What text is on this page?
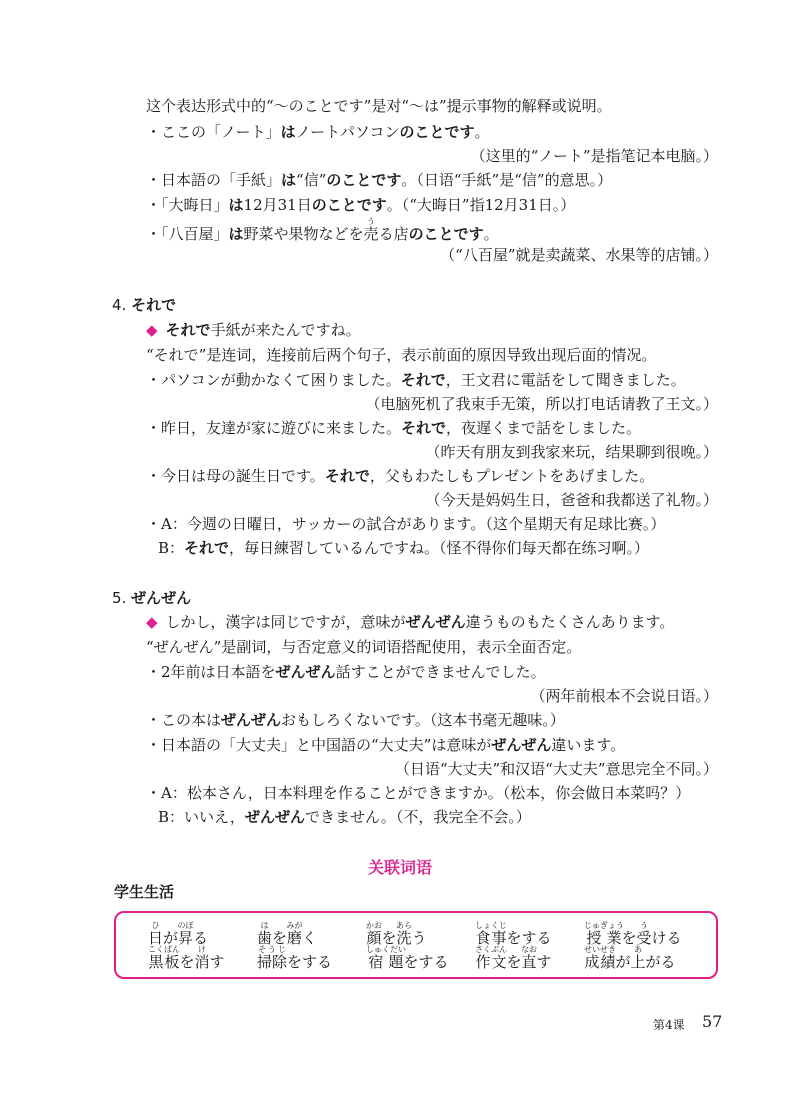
这个表达形式中的“～のことです”是对“～は”提示事物的解释或说明。
・ここの「ノート」はノートパソコンのことです。
（这里的“ノート”是指笔记本电脑。）
・日本語の「手紙」は“信”のことです。（日语“手紙”是“信”的意思。）
・「大晦日」は12月31日のことです。（“大晦日”指12月31日。）
・「八百屋」は野菜や果物などを売うる店のことです。
（“八百屋”就是卖蔬菜、水果等的店铺。）
4. それで
◆ それで手紙が来たんですね。
“それで”是连词，连接前后两个句子，表示前面的原因导致出现后面的情况。
・パソコンが動かなくて困りました。それで，王文君に電話をして聞きました。
（电脑死机了我束手无策，所以打电话请教了王文。）
・昨日，友達が家に遊びに来ました。それで，夜遅くまで話をしました。
（昨天有朋友到我家来玩，结果聊到很晚。）
・今日は母の誕生日です。それで，父もわたしもプレゼントをあげました。
（今天是妈妈生日，爸爸和我都送了礼物。）
・A：今週の日曜日，サッカーの試合があります。（这个星期天有足球比赛。）
B：それで，毎日練習しているんですね。（怪不得你们每天都在练习啊。）
5. ぜんぜん
◆ しかし，漢字は同じですが，意味がぜんぜん違うものもたくさんあります。
“ぜんぜん”是副词，与否定意义的词语搭配使用，表示全面否定。
・2年前は日本語をぜんぜん話すことができませんでした。
（两年前根本不会说日语。）
・この本はぜんぜんおもしろくないです。（这本书毫无趣味。）
・日本語の「大丈夫」と中国語の“大丈夫”は意味がぜんぜん違います。
（日语“大丈夫”和汉语“大丈夫”意思完全不同。）
・A：松本さん，日本料理を作ることができますか。（松本，你会做日本菜吗？）
B：いいえ，ぜんぜんできません。（不，我完全不会。）
关联词语
学生生活
日ひが昇のぼる	歯はを磨みがく	顔かおを洗あらう	食事しょくじをする 授業じゅぎょうを受うける
黒板こくばんを消けす 掃除そうじをする 宿題しゅくだいをする 作文さくぶんを直なおす 成績せいせきが上あがる
第4课 57
